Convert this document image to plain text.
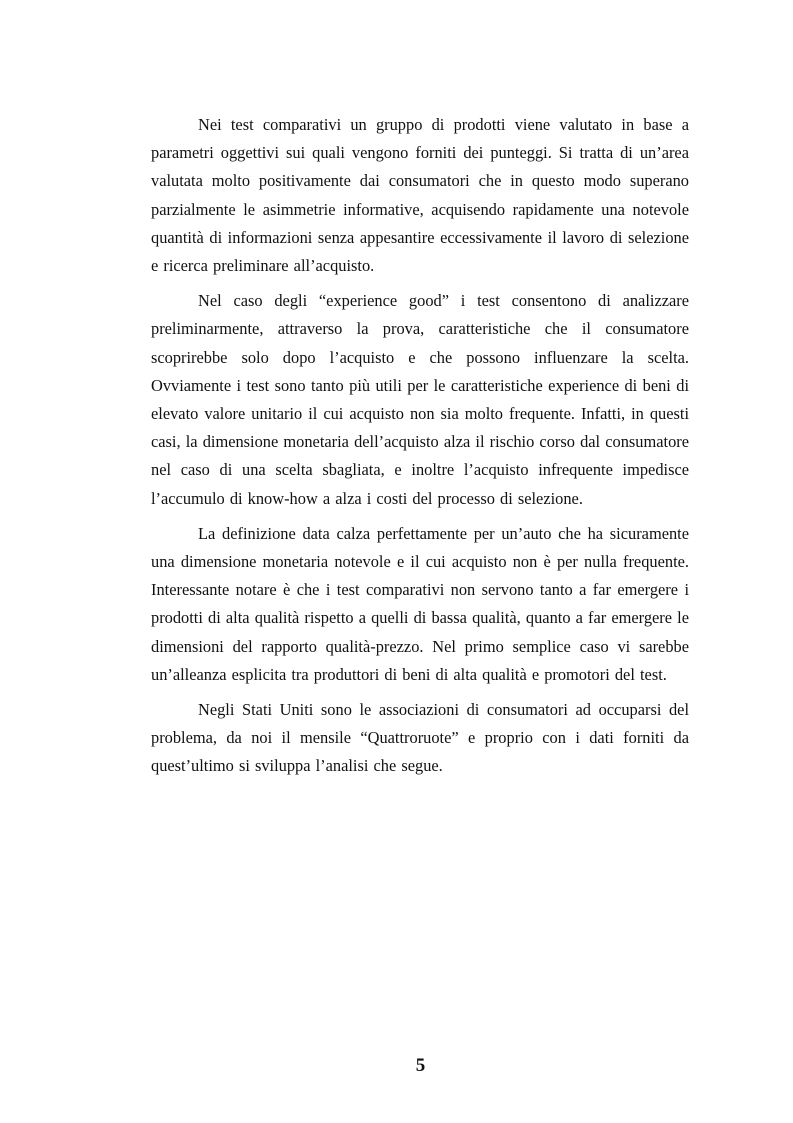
Nei test comparativi un gruppo di prodotti viene valutato in base a parametri oggettivi sui quali vengono forniti dei punteggi. Si tratta di un’area valutata molto positivamente dai consumatori che in questo modo superano parzialmente le asimmetrie informative, acquisendo rapidamente una notevole quantità di informazioni senza appesantire eccessivamente il lavoro di selezione e ricerca preliminare all’acquisto.

Nel caso degli “experience good” i test consentono di analizzare preliminarmente, attraverso la prova, caratteristiche che il consumatore scoprirebbe solo dopo l’acquisto e che possono influenzare la scelta. Ovviamente i test sono tanto più utili per le caratteristiche experience di beni di elevato valore unitario il cui acquisto non sia molto frequente. Infatti, in questi casi, la dimensione monetaria dell’acquisto alza il rischio corso dal consumatore nel caso di una scelta sbagliata, e inoltre l’acquisto infrequente impedisce l’accumulo di know-how a alza i costi del processo di selezione.

La definizione data calza perfettamente per un’auto che ha sicuramente una dimensione monetaria notevole e il cui acquisto non è per nulla frequente. Interessante notare è che i test comparativi non servono tanto a far emergere i prodotti di alta qualità rispetto a quelli di bassa qualità, quanto a far emergere le dimensioni del rapporto qualità-prezzo. Nel primo semplice caso vi sarebbe un’alleanza esplicita tra produttori di beni di alta qualità e promotori del test.

Negli Stati Uniti sono le associazioni di consumatori ad occuparsi del problema, da noi il mensile “Quattroruote” e proprio con i dati forniti da quest’ultimo si sviluppa l’analisi che segue.

5
